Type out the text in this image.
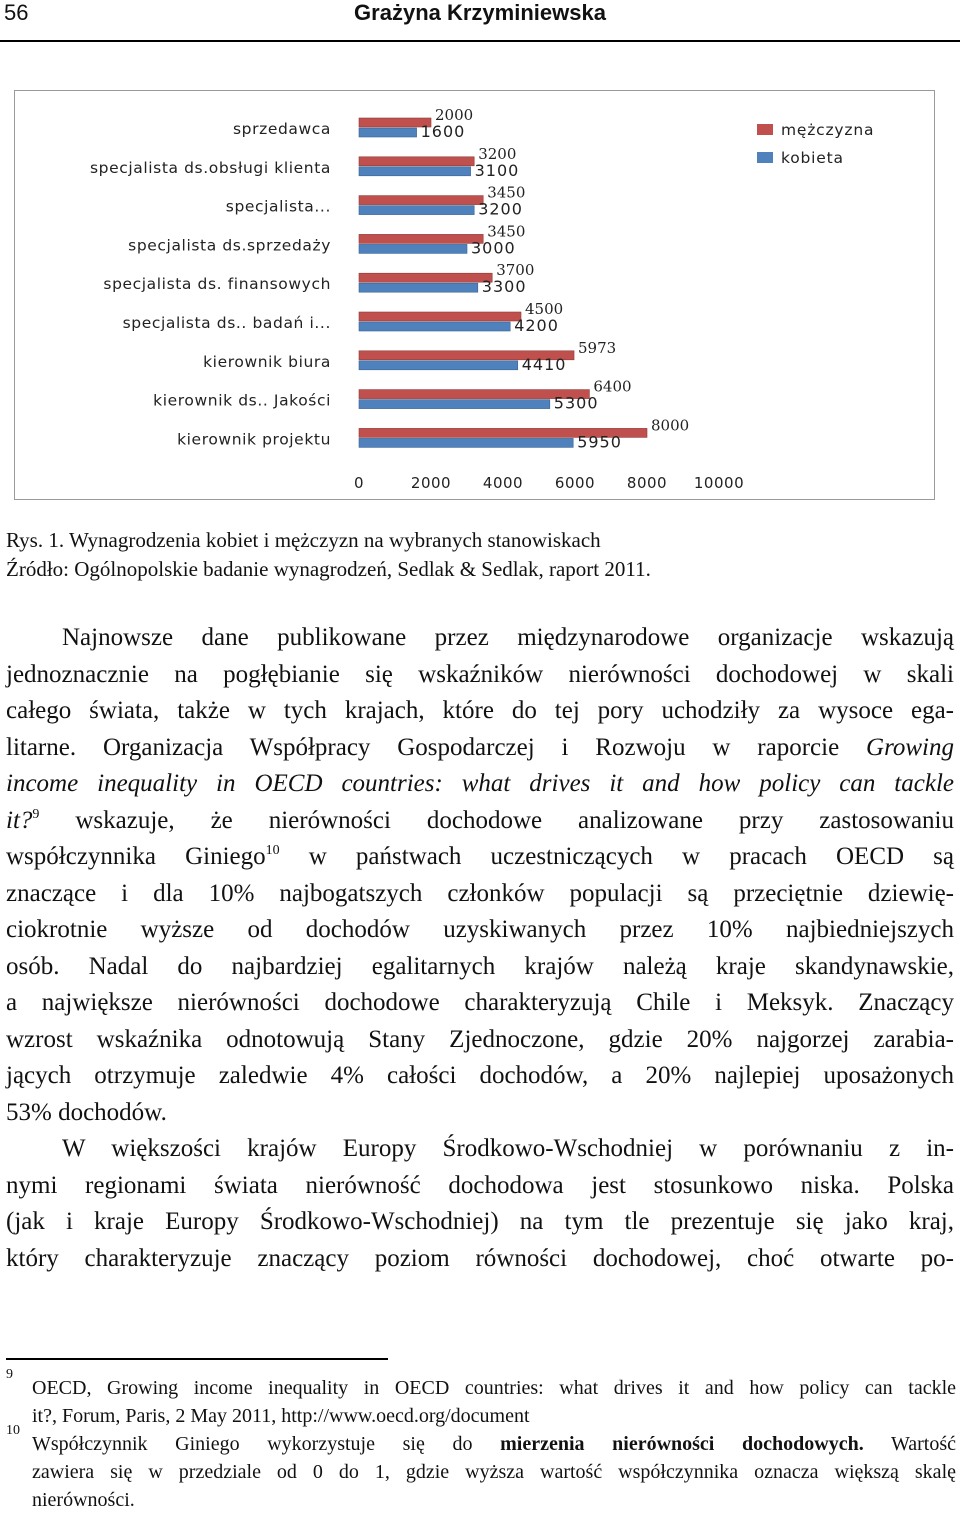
56	Grażyna Krzyminiewska
0	2000 4000 6000 8000 10000
sprzedawca
2000
1600
specjalista ds.obsługi klienta
3200
3100
specjalista...
3450
3200
specjalista ds.sprzedaży
3450
3000
specjalista ds. finansowych
3700
3300
specjalista ds.. badań i...
4500
4200
kierownik biura
5973
4410
kierownik ds.. Jakości
6400
5300
kierownik projektu
8000
5950
mężczyzna
kobieta
Rys. 1. Wynagrodzenia kobiet i mężczyzn na wybranych stanowiskach
Źródło: Ogólnopolskie badanie wynagrodzeń, Sedlak & Sedlak, raport 2011.
Najnowsze dane publikowane przez międzynarodowe organizacje wskazują
jednoznacznie na pogłębianie się wskaźników nierówności dochodowej w skali
całego świata, także w tych krajach, które do tej pory uchodziły za wysoce ega-
litarne. Organizacja Współpracy Gospodarczej i Rozwoju w raporcie Growing
income inequality in OECD countries: what drives it and how policy can tackle
it?$^9$ wskazuje, że nierówności dochodowe analizowane przy zastosowaniu
współczynnika Giniego$^{10}$ w państwach uczestniczących w pracach OECD są
znaczące i dla 10% najbogatszych członków populacji są przeciętnie dziewię-
ciokrotnie wyższe od dochodów uzyskiwanych przez 10% najbiedniejszych
osób. Nadal do najbardziej egalitarnych krajów należą kraje skandynawskie,
a największe nierówności dochodowe charakteryzują Chile i Meksyk. Znaczący
wzrost wskaźnika odnotowują Stany Zjednoczone, gdzie 20% najgorzej zarabia-
jących otrzymuje zaledwie 4% całości dochodów, a 20% najlepiej uposażonych
53% dochodów.
W większości krajów Europy Środkowo-Wschodniej w porównaniu z in-
nymi regionami świata nierówność dochodowa jest stosunkowo niska. Polska
(jak i kraje Europy Środkowo-Wschodniej) na tym tle prezentuje się jako kraj,
który charakteryzuje znaczący poziom równości dochodowej, choć otwarte po-
9
OECD, Growing income inequality in OECD countries: what drives it and how policy can tackle
it?, Forum, Paris, 2 May 2011, http://www.oecd.org/document
10
Współczynnik Giniego wykorzystuje się do mierzenia nierówności dochodowych. Wartość
zawiera się w przedziale od 0 do 1, gdzie wyższa wartość współczynnika oznacza większą skalę
nierówności.
